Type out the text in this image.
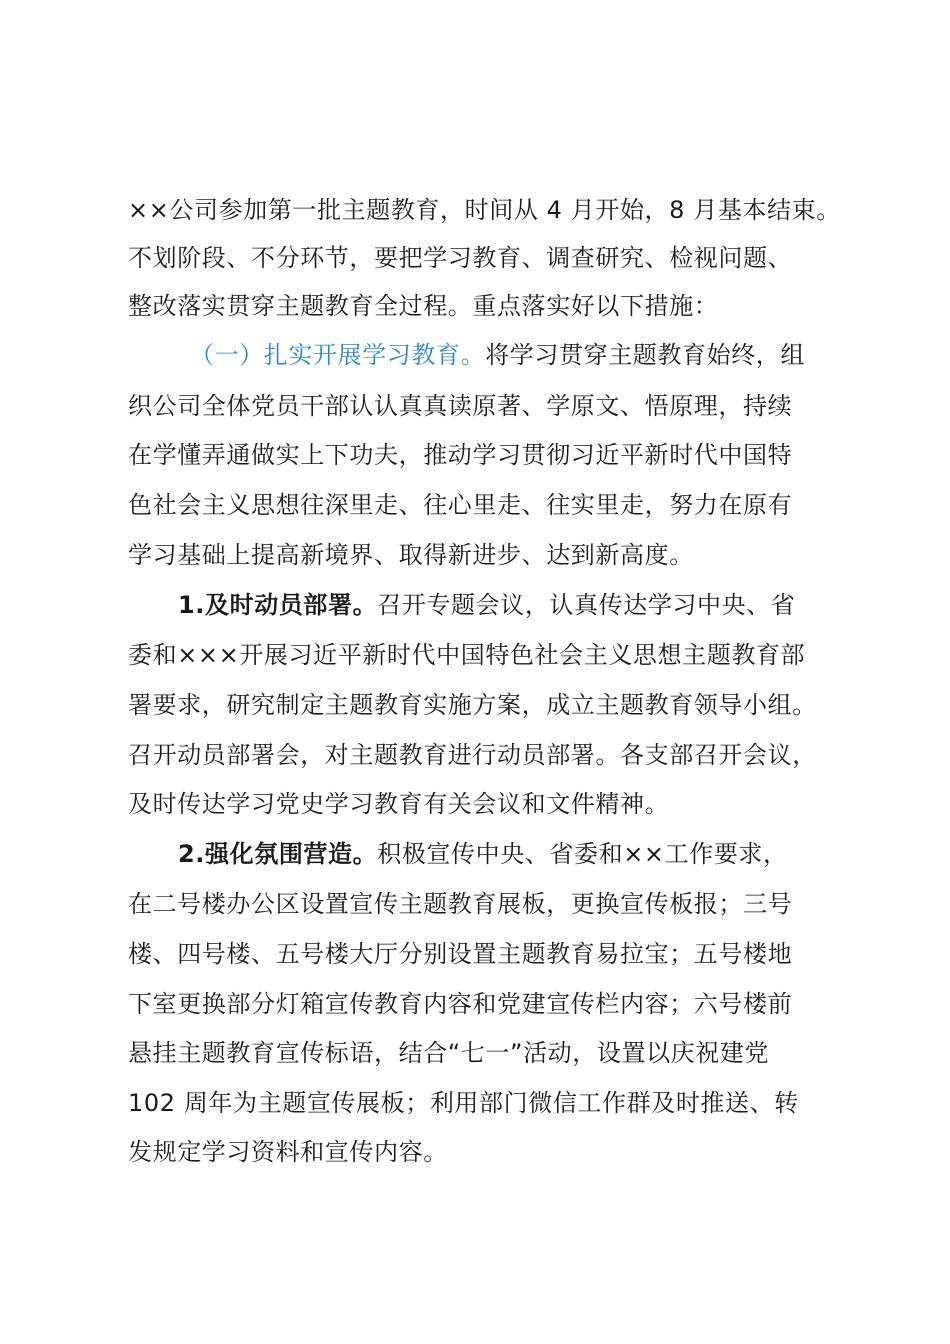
××公司参加第一批主题教育，时间从 4 月开始，8 月基本结束。
不划阶段、不分环节，要把学习教育、调查研究、检视问题、
整改落实贯穿主题教育全过程。重点落实好以下措施：
（一）扎实开展学习教育。将学习贯穿主题教育始终，组
织公司全体党员干部认认真真读原著、学原文、悟原理，持续
在学懂弄通做实上下功夫，推动学习贯彻习近平新时代中国特
色社会主义思想往深里走、往心里走、往实里走，努力在原有
学习基础上提高新境界、取得新进步、达到新高度。
1.及时动员部署。召开专题会议，认真传达学习中央、省
委和×××开展习近平新时代中国特色社会主义思想主题教育部
署要求，研究制定主题教育实施方案，成立主题教育领导小组。
召开动员部署会，对主题教育进行动员部署。各支部召开会议，
及时传达学习党史学习教育有关会议和文件精神。
2.强化氛围营造。积极宣传中央、省委和××工作要求，
在二号楼办公区设置宣传主题教育展板，更换宣传板报；三号
楼、四号楼、五号楼大厅分别设置主题教育易拉宝；五号楼地
下室更换部分灯箱宣传教育内容和党建宣传栏内容；六号楼前
悬挂主题教育宣传标语，结合“七一”活动，设置以庆祝建党
102 周年为主题宣传展板；利用部门微信工作群及时推送、转
发规定学习资料和宣传内容。
